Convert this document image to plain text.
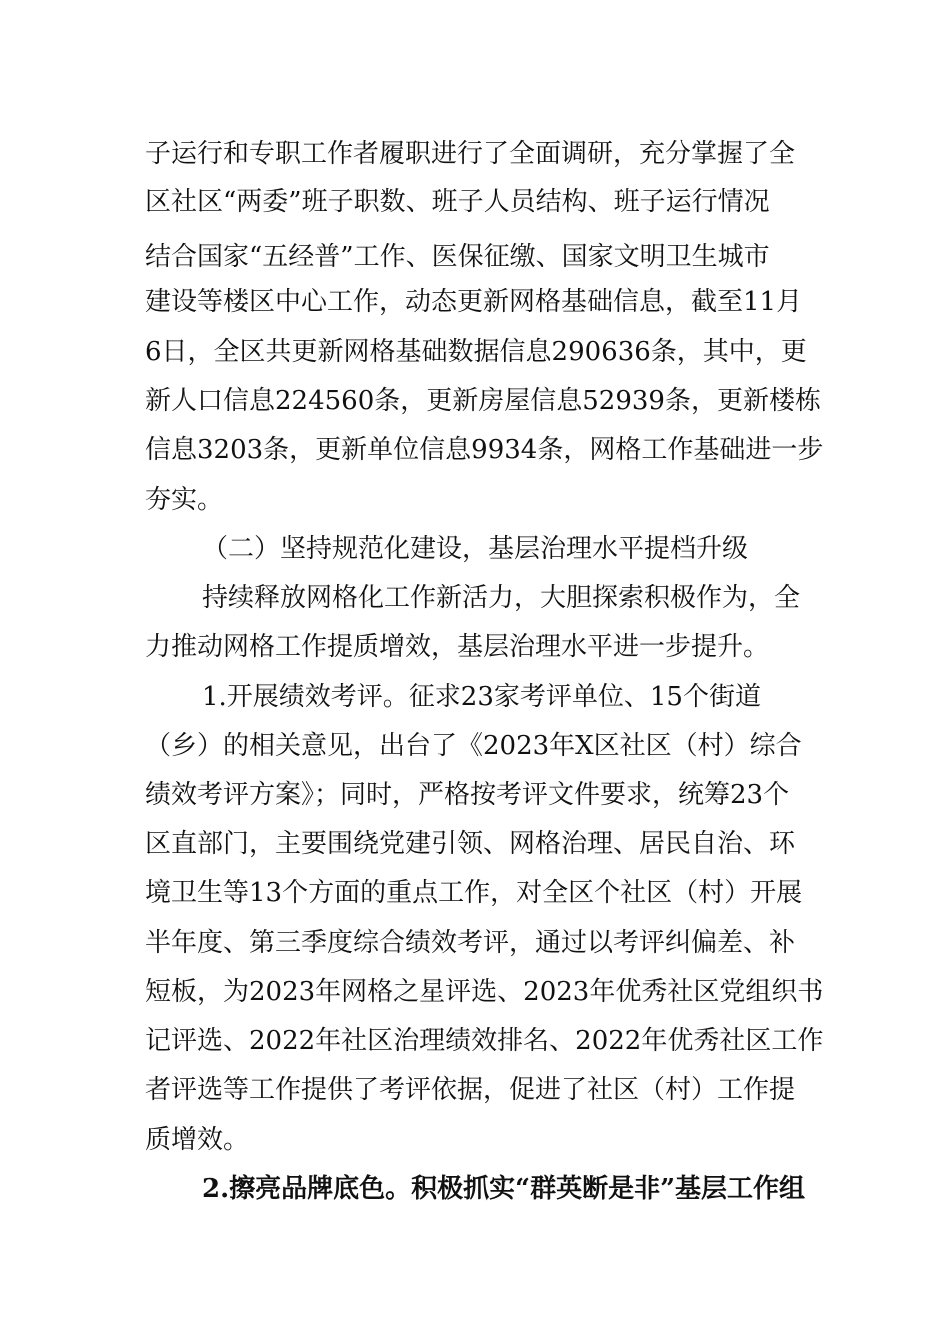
子运行和专职工作者履职进行了全面调研，充分掌握了全
区社区“两委”班子职数、班子人员结构、班子运行情况
结合国家“五经普”工作、医保征缴、国家文明卫生城市
建设等楼区中心工作，动态更新网格基础信息，截至11月
6日，全区共更新网格基础数据信息290636条，其中，更
新人口信息224560条，更新房屋信息52939条，更新楼栋
信息3203条，更新单位信息9934条，网格工作基础进一步
夯实。
（二）坚持规范化建设，基层治理水平提档升级
持续释放网格化工作新活力，大胆探索积极作为，全
力推动网格工作提质增效，基层治理水平进一步提升。
1.开展绩效考评。征求23家考评单位、15个街道
（乡）的相关意见，出台了《2023年X区社区（村）综合
绩效考评方案》；同时，严格按考评文件要求，统筹23个
区直部门，主要围绕党建引领、网格治理、居民自治、环
境卫生等13个方面的重点工作，对全区个社区（村）开展
半年度、第三季度综合绩效考评，通过以考评纠偏差、补
短板，为2023年网格之星评选、2023年优秀社区党组织书
记评选、2022年社区治理绩效排名、2022年优秀社区工作
者评选等工作提供了考评依据，促进了社区（村）工作提
质增效。
2.擦亮品牌底色。积极抓实“群英断是非”基层工作组
